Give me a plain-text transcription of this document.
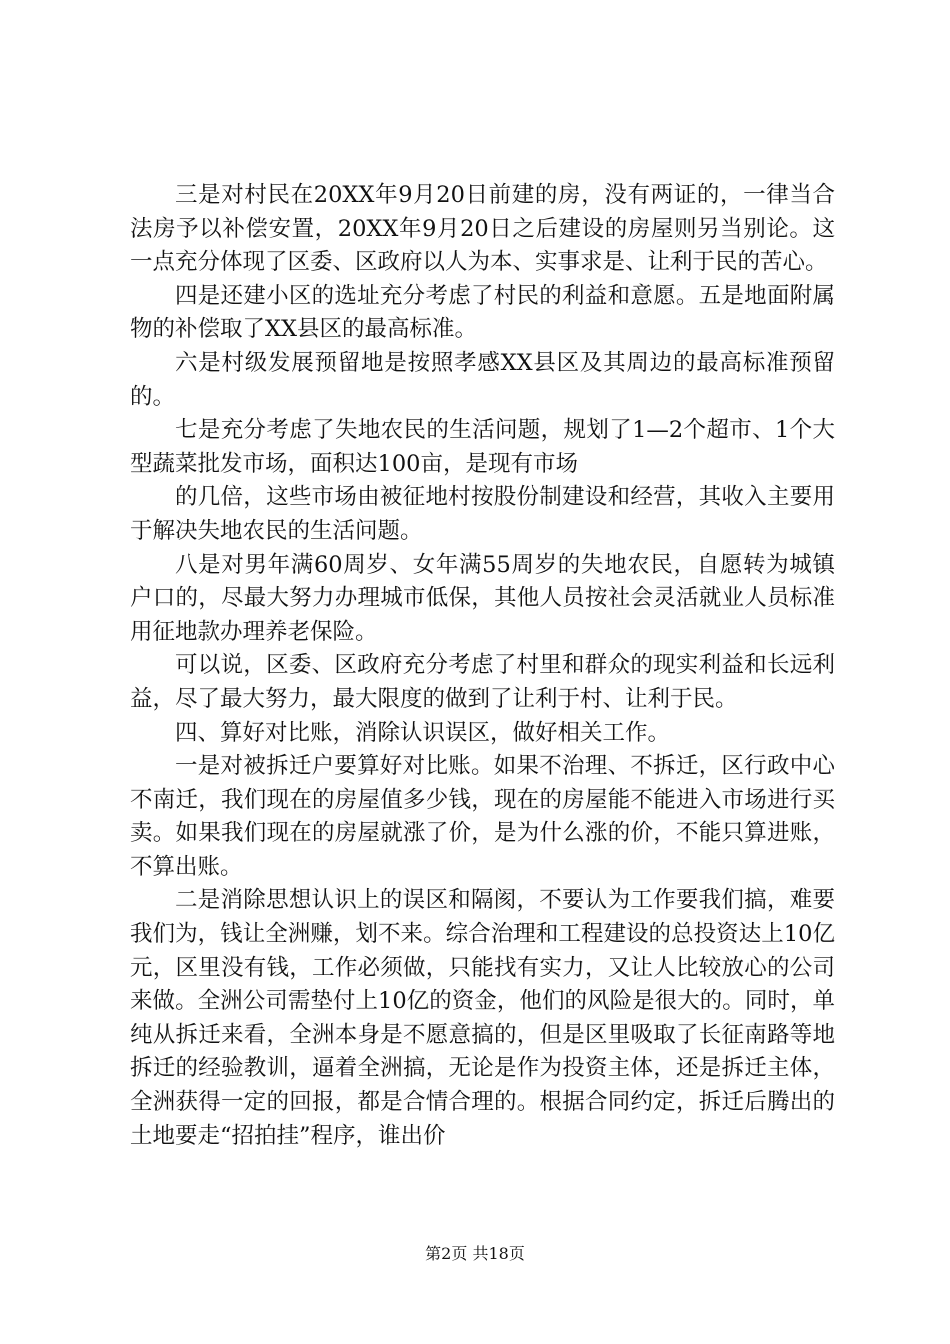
三是对村民在20XX年9月20日前建的房，没有两证的，一律当合法房予以补偿安置，20XX年9月20日之后建设的房屋则另当别论。这一点充分体现了区委、区政府以人为本、实事求是、让利于民的苦心。

四是还建小区的选址充分考虑了村民的利益和意愿。五是地面附属物的补偿取了XX县区的最高标准。

六是村级发展预留地是按照孝感XX县区及其周边的最高标准预留的。

七是充分考虑了失地农民的生活问题，规划了1—2个超市、1个大型蔬菜批发市场，面积达100亩，是现有市场

的几倍，这些市场由被征地村按股份制建设和经营，其收入主要用于解决失地农民的生活问题。

八是对男年满60周岁、女年满55周岁的失地农民，自愿转为城镇户口的，尽最大努力办理城市低保，其他人员按社会灵活就业人员标准用征地款办理养老保险。

可以说，区委、区政府充分考虑了村里和群众的现实利益和长远利益，尽了最大努力，最大限度的做到了让利于村、让利于民。

四、算好对比账，消除认识误区，做好相关工作。

一是对被拆迁户要算好对比账。如果不治理、不拆迁，区行政中心不南迁，我们现在的房屋值多少钱，现在的房屋能不能进入市场进行买卖。如果我们现在的房屋就涨了价，是为什么涨的价，不能只算进账，不算出账。

二是消除思想认识上的误区和隔阂，不要认为工作要我们搞，难要我们为，钱让全洲赚，划不来。综合治理和工程建设的总投资达上10亿元，区里没有钱，工作必须做，只能找有实力，又让人比较放心的公司来做。全洲公司需垫付上10亿的资金，他们的风险是很大的。同时，单纯从拆迁来看，全洲本身是不愿意搞的，但是区里吸取了长征南路等地拆迁的经验教训，逼着全洲搞，无论是作为投资主体，还是拆迁主体，全洲获得一定的回报，都是合情合理的。根据合同约定，拆迁后腾出的土地要走“招拍挂”程序，谁出价

第2页 共18页
